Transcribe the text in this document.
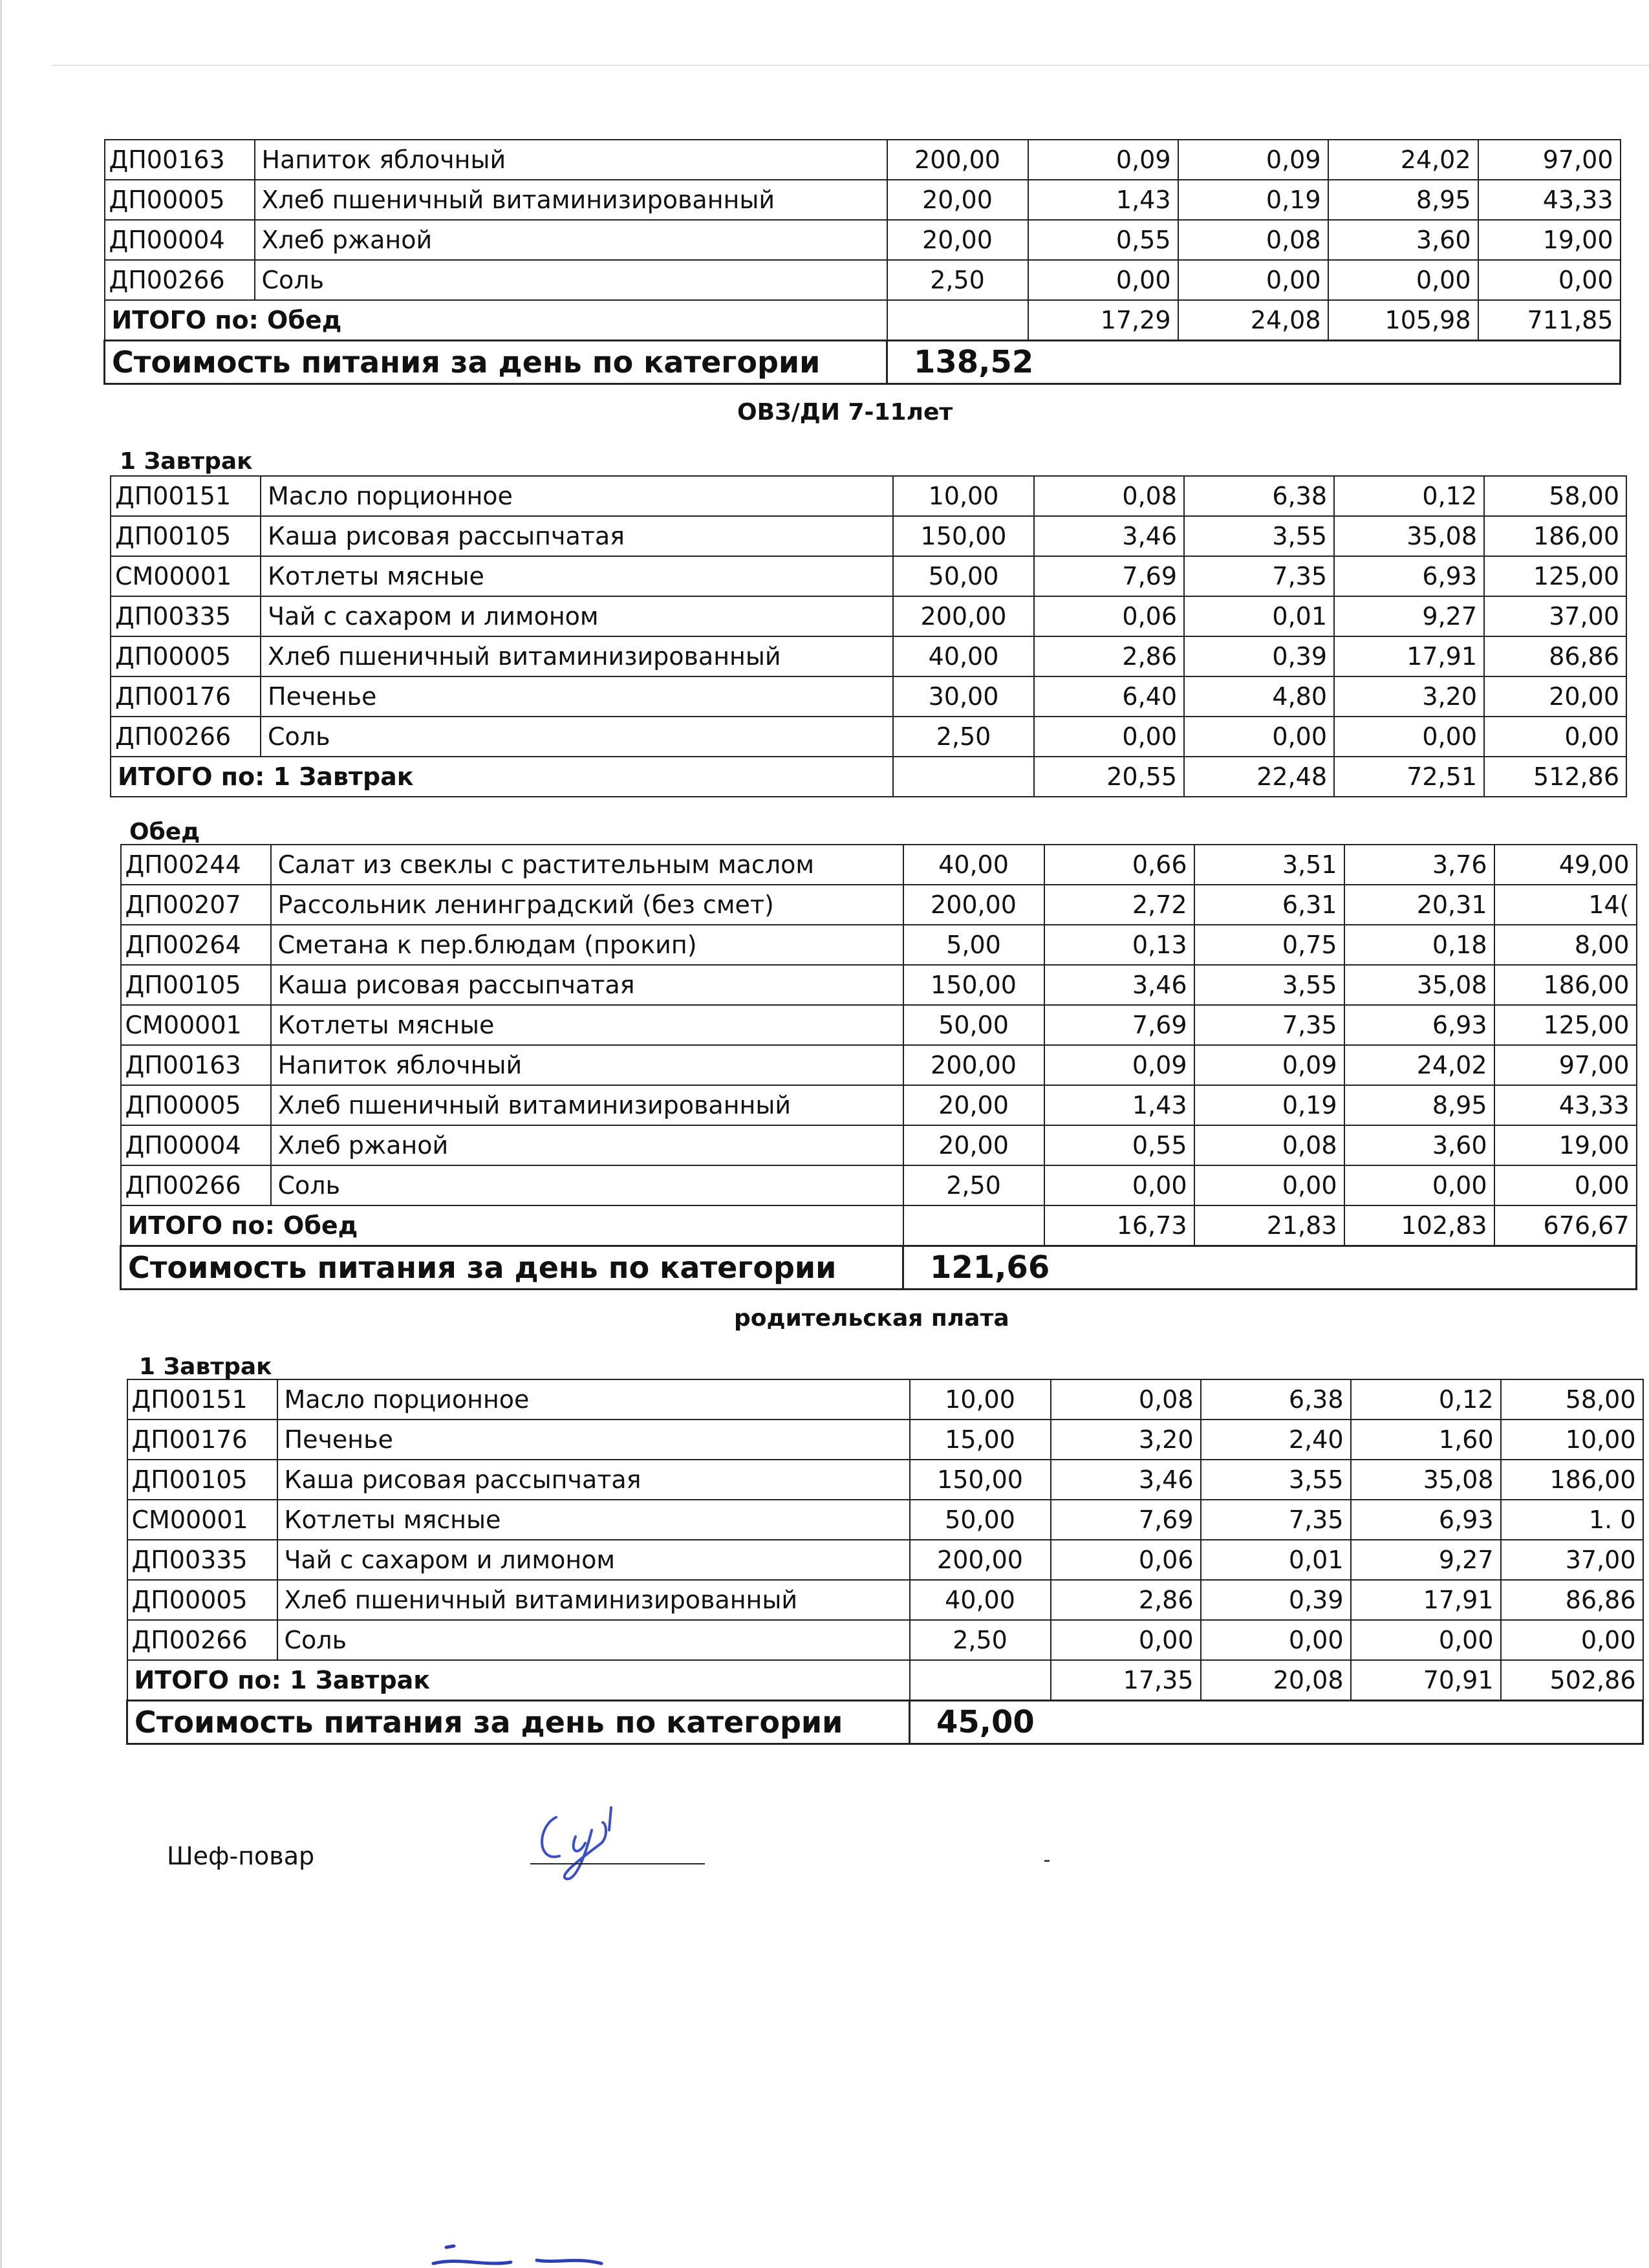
ДП00163	Напиток яблочный	200,00	0,09	0,09	24,02	97,00
ДП00005	Хлеб пшеничный витаминизированный	20,00	1,43	0,19	8,95	43,33
ДП00004	Хлеб ржаной	20,00	0,55	0,08	3,60	19,00
ДП00266	Соль	2,50	0,00	0,00	0,00	0,00
ИТОГО по: Обед			17,29	24,08	105,98	711,85
Стоимость питания за день по категории		138,52				
ОВЗ/ДИ 7-11лет
1 Завтрак
ДП00151	Масло порционное	10,00	0,08	6,38	0,12	58,00
ДП00105	Каша рисовая рассыпчатая	150,00	3,46	3,55	35,08	186,00
СМ00001	Котлеты мясные	50,00	7,69	7,35	6,93	125,00
ДП00335	Чай с сахаром и лимоном	200,00	0,06	0,01	9,27	37,00
ДП00005	Хлеб пшеничный витаминизированный	40,00	2,86	0,39	17,91	86,86
ДП00176	Печенье	30,00	6,40	4,80	3,20	20,00
ДП00266	Соль	2,50	0,00	0,00	0,00	0,00
ИТОГО по: 1 Завтрак			20,55	22,48	72,51	512,86
Обед
ДП00244	Салат из свеклы с растительным маслом	40,00	0,66	3,51	3,76	49,00
ДП00207	Рассольник ленинградский (без смет)	200,00	2,72	6,31	20,31	14(
ДП00264	Сметана к пер.блюдам (прокип)	5,00	0,13	0,75	0,18	8,00
ДП00105	Каша рисовая рассыпчатая	150,00	3,46	3,55	35,08	186,00
СМ00001	Котлеты мясные	50,00	7,69	7,35	6,93	125,00
ДП00163	Напиток яблочный	200,00	0,09	0,09	24,02	97,00
ДП00005	Хлеб пшеничный витаминизированный	20,00	1,43	0,19	8,95	43,33
ДП00004	Хлеб ржаной	20,00	0,55	0,08	3,60	19,00
ДП00266	Соль	2,50	0,00	0,00	0,00	0,00
ИТОГО по: Обед			16,73	21,83	102,83	676,67
Стоимость питания за день по категории		121,66				
родительская плата
1 Завтрак
ДП00151	Масло порционное	10,00	0,08	6,38	0,12	58,00
ДП00176	Печенье	15,00	3,20	2,40	1,60	10,00
ДП00105	Каша рисовая рассыпчатая	150,00	3,46	3,55	35,08	186,00
СМ00001	Котлеты мясные	50,00	7,69	7,35	6,93	1. 0
ДП00335	Чай с сахаром и лимоном	200,00	0,06	0,01	9,27	37,00
ДП00005	Хлеб пшеничный витаминизированный	40,00	2,86	0,39	17,91	86,86
ДП00266	Соль	2,50	0,00	0,00	0,00	0,00
ИТОГО по: 1 Завтрак			17,35	20,08	70,91	502,86
Стоимость питания за день по категории		45,00				
Шеф-повар
